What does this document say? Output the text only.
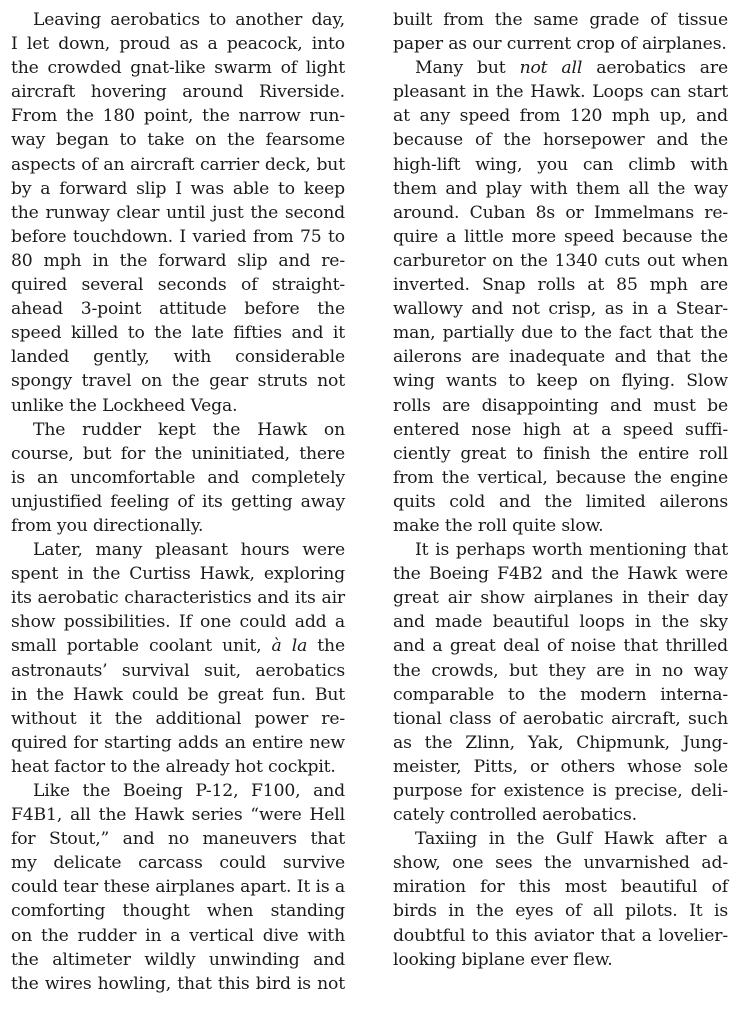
Leaving aerobatics to another day,
I let down, proud as a peacock, into
the crowded gnat-like swarm of light
aircraft hovering around Riverside.
From the 180 point, the narrow run-
way began to take on the fearsome
aspects of an aircraft carrier deck, but
by a forward slip I was able to keep
the runway clear until just the second
before touchdown. I varied from 75 to
80 mph in the forward slip and re-
quired several seconds of straight-
ahead 3-point attitude before the
speed killed to the late fifties and it
landed gently, with considerable
spongy travel on the gear struts not
unlike the Lockheed Vega.
The rudder kept the Hawk on
course, but for the uninitiated, there
is an uncomfortable and completely
unjustified feeling of its getting away
from you directionally.
Later, many pleasant hours were
spent in the Curtiss Hawk, exploring
its aerobatic characteristics and its air
show possibilities. If one could add a
small portable coolant unit, à la the
astronauts’ survival suit, aerobatics
in the Hawk could be great fun. But
without it the additional power re-
quired for starting adds an entire new
heat factor to the already hot cockpit.
Like the Boeing P-12, F100, and
F4B1, all the Hawk series “were Hell
for Stout,” and no maneuvers that
my delicate carcass could survive
could tear these airplanes apart. It is a
comforting thought when standing
on the rudder in a vertical dive with
the altimeter wildly unwinding and
the wires howling, that this bird is not
built from the same grade of tissue
paper as our current crop of airplanes.
Many but not all aerobatics are
pleasant in the Hawk. Loops can start
at any speed from 120 mph up, and
because of the horsepower and the
high-lift wing, you can climb with
them and play with them all the way
around. Cuban 8s or Immelmans re-
quire a little more speed because the
carburetor on the 1340 cuts out when
inverted. Snap rolls at 85 mph are
wallowy and not crisp, as in a Stear-
man, partially due to the fact that the
ailerons are inadequate and that the
wing wants to keep on flying. Slow
rolls are disappointing and must be
entered nose high at a speed suffi-
ciently great to finish the entire roll
from the vertical, because the engine
quits cold and the limited ailerons
make the roll quite slow.
It is perhaps worth mentioning that
the Boeing F4B2 and the Hawk were
great air show airplanes in their day
and made beautiful loops in the sky
and a great deal of noise that thrilled
the crowds, but they are in no way
comparable to the modern interna-
tional class of aerobatic aircraft, such
as the Zlinn, Yak, Chipmunk, Jung-
meister, Pitts, or others whose sole
purpose for existence is precise, deli-
cately controlled aerobatics.
Taxiing in the Gulf Hawk after a
show, one sees the unvarnished ad-
miration for this most beautiful of
birds in the eyes of all pilots. It is
doubtful to this aviator that a lovelier-
looking biplane ever flew.
